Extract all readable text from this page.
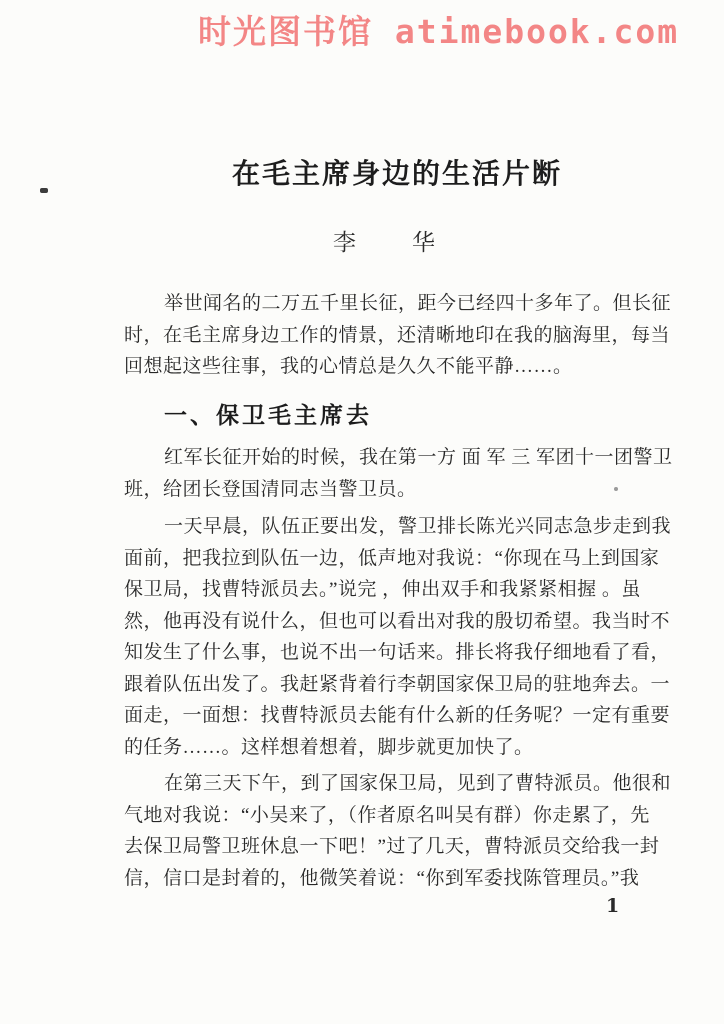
时光图书馆 atimebook.com
在毛主席身边的生活片断
李 华
举世闻名的二万五千里长征，距今已经四十多年了。但长征
时，在毛主席身边工作的情景，还清晰地印在我的脑海里，每当
回想起这些往事，我的心情总是久久不能平静……。
红军长征开始的时候，我在第一方 面 军 三 军团十一团警卫
班，给团长登国清同志当警卫员。
一天早晨，队伍正要出发，警卫排长陈光兴同志急步走到我
面前，把我拉到队伍一边，低声地对我说：“你现在马上到国家
保卫局，找曹特派员去。”说完 ，伸出双手和我紧紧相握 。虽
然，他再没有说什么，但也可以看出对我的殷切希望。我当时不
知发生了什么事，也说不出一句话来。排长将我仔细地看了看，
跟着队伍出发了。我赶紧背着行李朝国家保卫局的驻地奔去。一
面走，一面想：找曹特派员去能有什么新的任务呢？一定有重要
的任务……。这样想着想着，脚步就更加快了。
在第三天下午，到了国家保卫局，见到了曹特派员。他很和
气地对我说：“小吴来了，（作者原名叫吴有群）你走累了，先
去保卫局警卫班休息一下吧！”过了几天，曹特派员交给我一封
信，信口是封着的，他微笑着说：“你到军委找陈管理员。”我
一、保卫毛主席去
1
